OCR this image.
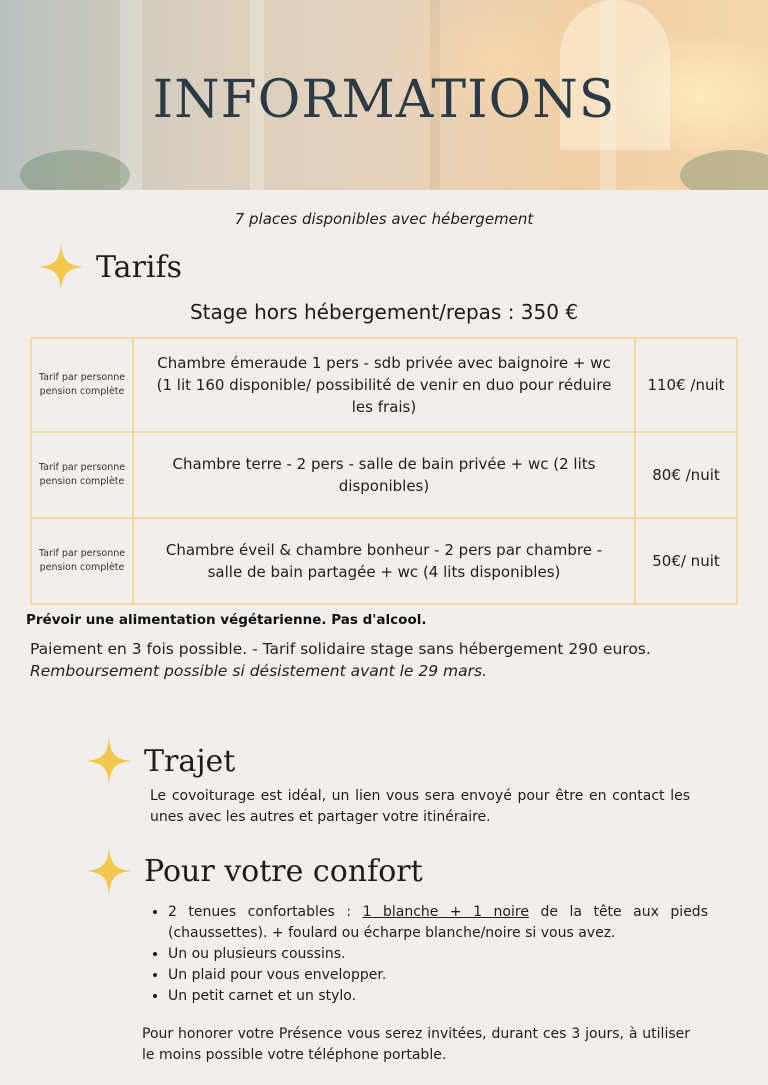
INFORMATIONS
7 places disponibles avec hébergement
Tarifs
Stage hors hébergement/repas : 350 €
Tarif par personne pension complète	Chambre émeraude 1 pers - sdb privée avec baignoire + wc (1 lit 160 disponible/ possibilité de venir en duo pour réduire les frais)	110€ /nuit
Tarif par personne pension complète	Chambre terre - 2 pers - salle de bain privée + wc (2 lits disponibles)	80€ /nuit
Tarif par personne pension complète	Chambre éveil & chambre bonheur - 2 pers par chambre - salle de bain partagée + wc (4 lits disponibles)	50€/ nuit
Prévoir une alimentation végétarienne. Pas d'alcool.
Paiement en 3 fois possible. - Tarif solidaire stage sans hébergement 290 euros.
Remboursement possible si désistement avant le 29 mars.
Trajet
Le covoiturage est idéal, un lien vous sera envoyé pour être en contact les unes avec les autres et partager votre itinéraire.
Pour votre confort
• 2 tenues confortables : 1 blanche + 1 noire de la tête aux pieds (chaussettes). + foulard ou écharpe blanche/noire si vous avez.
• Un ou plusieurs coussins.
• Un plaid pour vous envelopper.
• Un petit carnet et un stylo.
Pour honorer votre Présence vous serez invitées, durant ces 3 jours, à utiliser le moins possible votre téléphone portable.
